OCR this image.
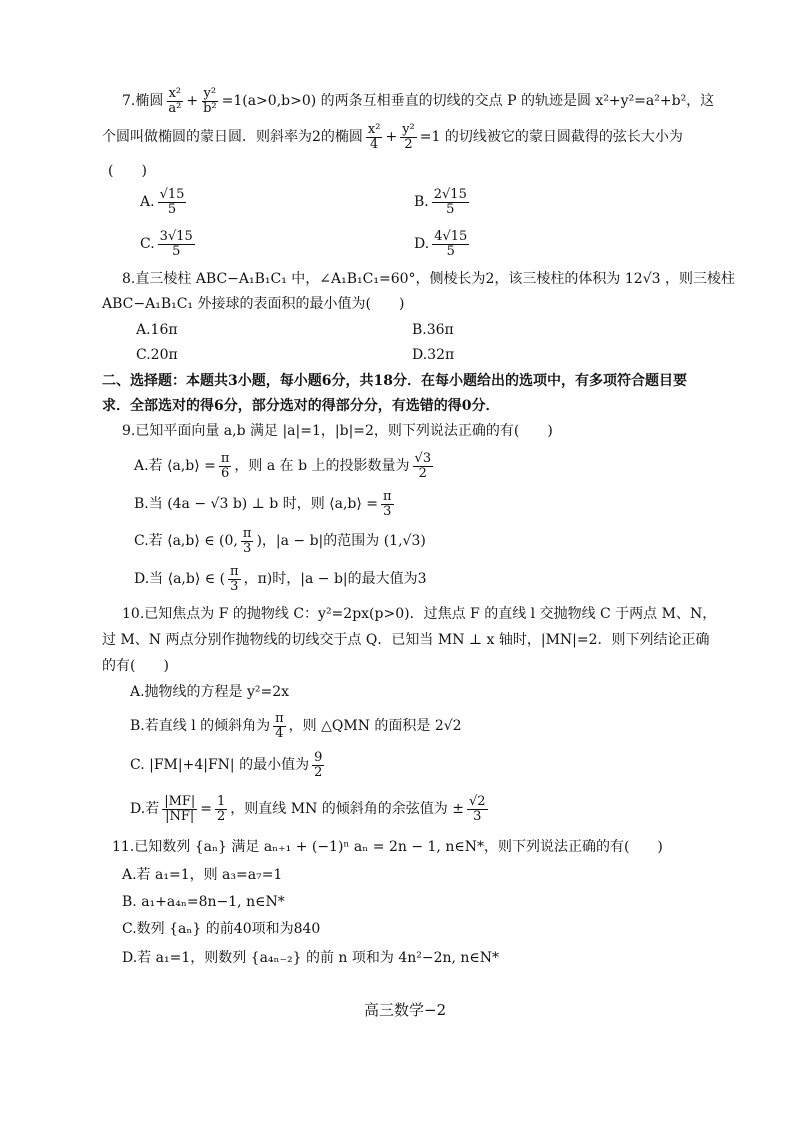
7.椭圆 $\frac{\text{x²}}{\text{a²}} + \frac{\text{y²}}{\text{b²}} =1(a>0,b>0)$ 的两条互相垂直的切线的交点 P 的轨迹是圆 x²+y²=a²+b²，这
个圆叫做椭圆的蒙日圆．则斜率为2的椭圆 $\frac{\text{x²}}{4} + \frac{\text{y²}}{2} =1$ 的切线被它的蒙日圆截得的弦长大小为
(　　)
A. $\frac{√15}{5}$	B. $\frac{2√15}{5}$
C. $\frac{3√15}{5}$	D. $\frac{4√15}{5}$
8.直三棱柱 ABC−A₁B₁C₁ 中，∠A₁B₁C₁=60°，侧棱长为2，该三棱柱的体积为 12√3 ，则三棱柱
ABC−A₁B₁C₁ 外接球的表面积的最小值为(　　)
A.16π	B.36π
C.20π	D.32π
二、选择题：本题共3小题，每小题6分，共18分．在每小题给出的选项中，有多项符合题目要
求．全部选对的得6分，部分选对的得部分分，有选错的得0分．
9.已知平面向量 a,b 满足 |a|=1，|b|=2，则下列说法正确的有(　　)
A.若 ⟨a,b⟩ = $\frac{\pi}{6}$ ，则 a 在 b 上的投影数量为 $\frac{√3}{2}$
B.当 (4a − √3 b) ⊥ b 时，则 ⟨a,b⟩ = $\frac{\pi}{3}$
C.若 ⟨a,b⟩ ∈ (0, $\frac{\pi}{3}$ )，|a − b|的范围为 (1,√3)
D.当 ⟨a,b⟩ ∈ ( $\frac{\pi}{3}$ ，π)时，|a − b|的最大值为3
10.已知焦点为 F 的抛物线 C：y²=2px(p>0)．过焦点 F 的直线 l 交抛物线 C 于两点 M、N，
过 M、N 两点分别作抛物线的切线交于点 Q．已知当 MN ⊥ x 轴时，|MN|=2．则下列结论正确
的有(　　)
A.抛物线的方程是 y²=2x
B.若直线 l 的倾斜角为 $\frac{\pi}{4}$ ，则 △QMN 的面积是 2√2
C. |FM|+4|FN| 的最小值为 $\frac{9}{2}$
D.若 $\frac{|MF|}{|NF|} = \frac{1}{2}$ ，则直线 MN 的倾斜角的余弦值为 ± $\frac{√2}{3}$
11.已知数列 {aₙ} 满足 aₙ₊₁ + (−1)ⁿ aₙ = 2n − 1, n∈N*，则下列说法正确的有(　　)
A.若 a₁=1，则 a₃=a₇=1
B. a₁+a₄ₙ=8n−1, n∈N*
C.数列 {aₙ} 的前40项和为840
D.若 a₁=1，则数列 {a₄ₙ₋₂} 的前 n 项和为 4n²−2n, n∈N*
高三数学−2
